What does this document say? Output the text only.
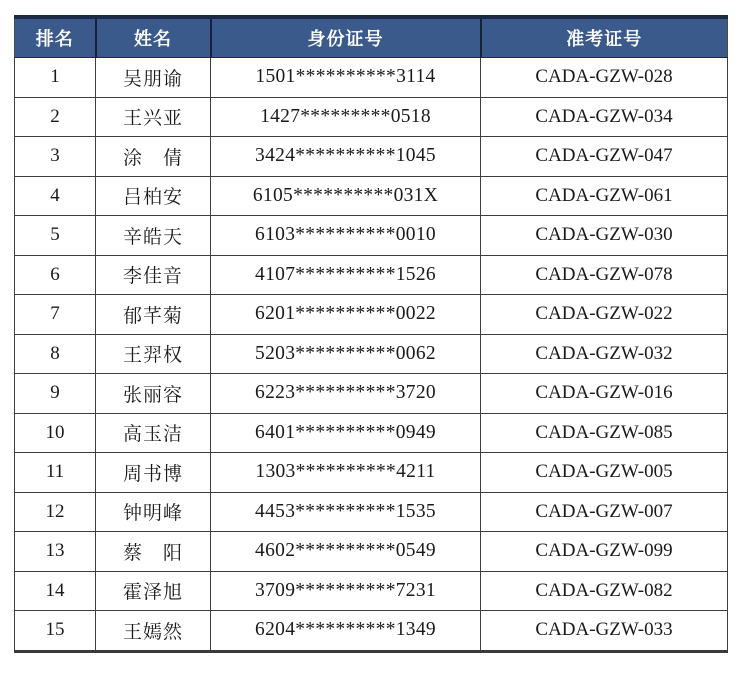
排名	姓名	身份证号	准考证号
1	吴朋谕	1501**********3114	CADA-GZW-028
2	王兴亚	1427*********0518	CADA-GZW-034
3	涂　倩	3424**********1045	CADA-GZW-047
4	吕柏安	6105**********031X	CADA-GZW-061
5	辛皓天	6103**********0010	CADA-GZW-030
6	李佳音	4107**********1526	CADA-GZW-078
7	郁芊菊	6201**********0022	CADA-GZW-022
8	王羿权	5203**********0062	CADA-GZW-032
9	张丽容	6223**********3720	CADA-GZW-016
10	高玉洁	6401**********0949	CADA-GZW-085
11	周书博	1303**********4211	CADA-GZW-005
12	钟明峰	4453**********1535	CADA-GZW-007
13	蔡　阳	4602**********0549	CADA-GZW-099
14	霍泽旭	3709**********7231	CADA-GZW-082
15	王嫣然	6204**********1349	CADA-GZW-033
